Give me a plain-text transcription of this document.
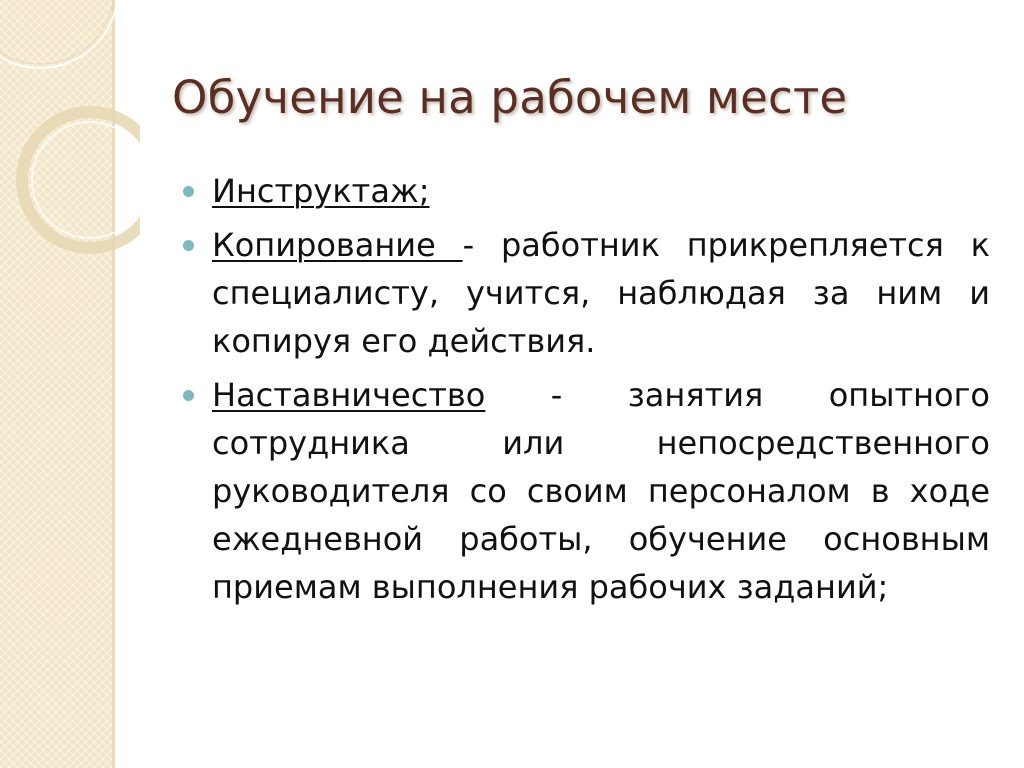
Обучение на рабочем месте
Инструктаж;
Копирование - работник прикрепляется к специалисту, учится, наблюдая за ним и копируя его действия.
Наставничество - занятия опытного сотрудника или непосредственного руководителя со своим персоналом в ходе ежедневной работы, обучение основным приемам выполнения рабочих заданий;
